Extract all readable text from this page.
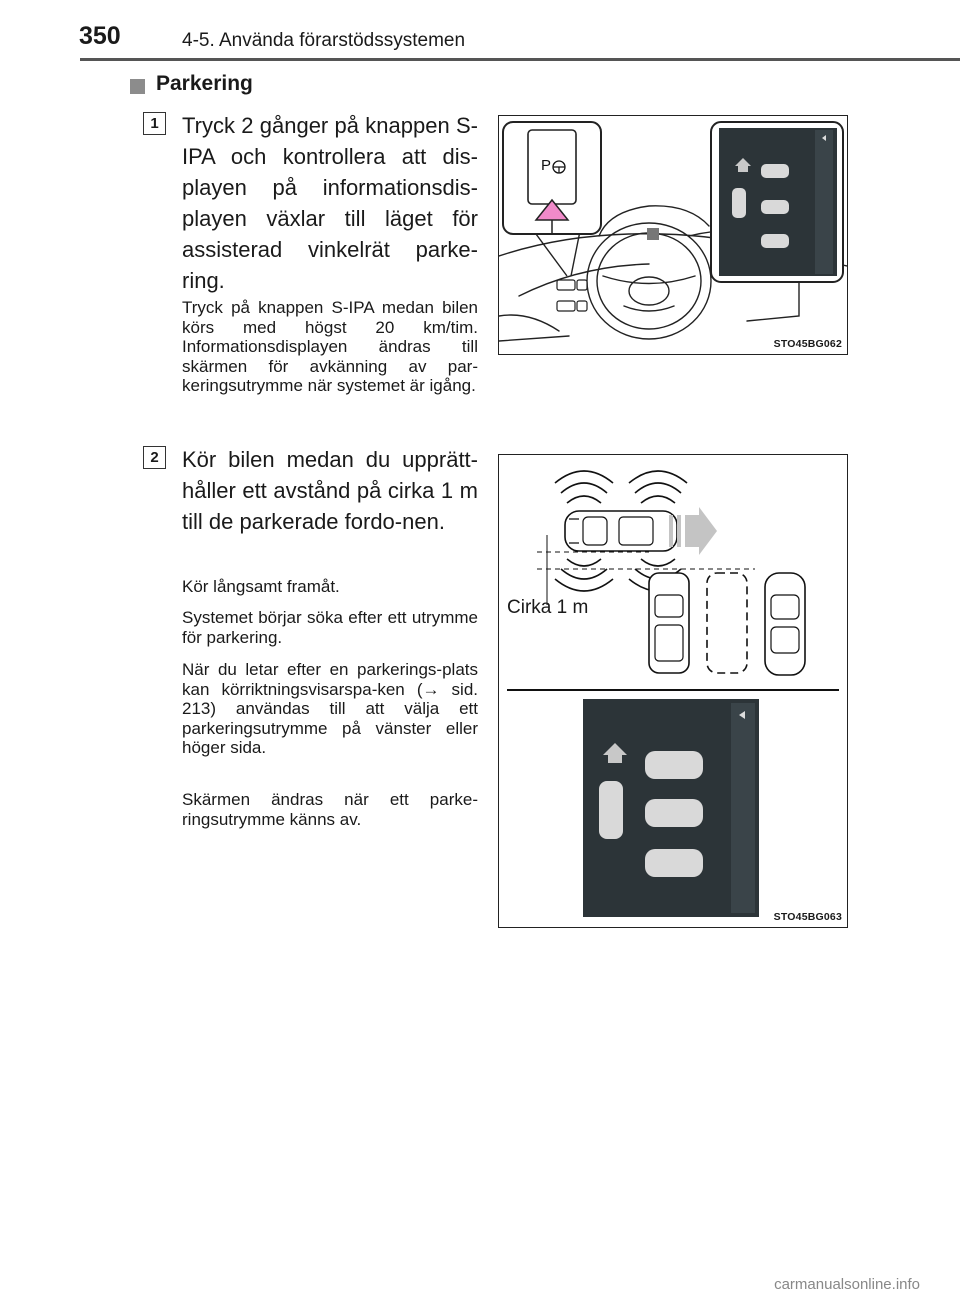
350	4-5. Använda förarstödssystemen
Parkering
1	Tryck 2 gånger på knappen S-IPA och kontrollera att dis-playen på informationsdis-playen växlar till läget för assisterad vinkelrät parke-ring.
Tryck på knappen S-IPA medan bilen körs med högst 20 km/tim. Informationsdisplayen ändras till skärmen för avkänning av par-keringsutrymme när systemet är igång.
P
STO45BG062
2	Kör bilen medan du upprätt-håller ett avstånd på cirka 1 m till de parkerade fordo-nen.
Kör långsamt framåt.
Systemet börjar söka efter ett utrymme för parkering.
När du letar efter en parkerings-plats kan körriktningsvisarspa-ken (→ sid. 213) användas till att välja ett parkeringsutrymme på vänster eller höger sida.
Skärmen ändras när ett parke-ringsutrymme känns av.
Cirka 1 m
STO45BG063
carmanualsonline.info
